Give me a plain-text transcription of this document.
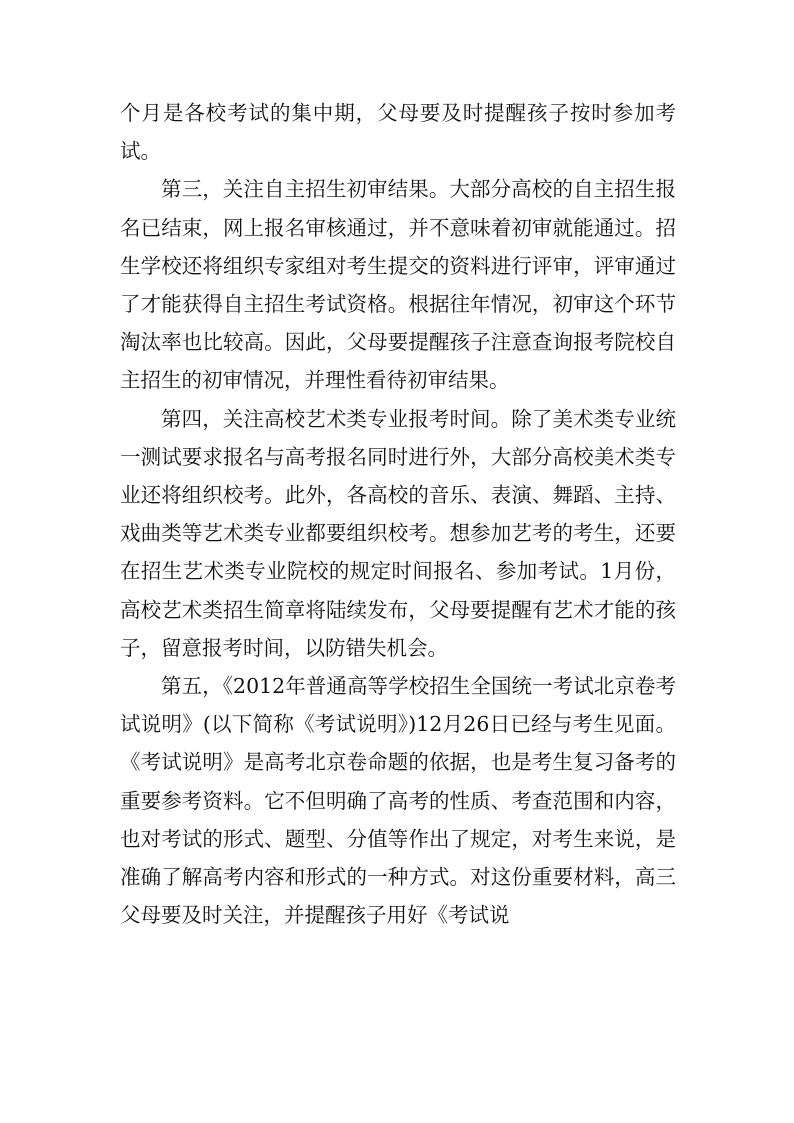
个月是各校考试的集中期，父母要及时提醒孩子按时参加考试。

第三，关注自主招生初审结果。大部分高校的自主招生报名已结束，网上报名审核通过，并不意味着初审就能通过。招生学校还将组织专家组对考生提交的资料进行评审，评审通过了才能获得自主招生考试资格。根据往年情况，初审这个环节淘汰率也比较高。因此，父母要提醒孩子注意查询报考院校自主招生的初审情况，并理性看待初审结果。

第四，关注高校艺术类专业报考时间。除了美术类专业统一测试要求报名与高考报名同时进行外，大部分高校美术类专业还将组织校考。此外，各高校的音乐、表演、舞蹈、主持、戏曲类等艺术类专业都要组织校考。想参加艺考的考生，还要在招生艺术类专业院校的规定时间报名、参加考试。1月份，高校艺术类招生简章将陆续发布，父母要提醒有艺术才能的孩子，留意报考时间，以防错失机会。

第五，《2012年普通高等学校招生全国统一考试北京卷考试说明》(以下简称《考试说明》)12月26日已经与考生见面。《考试说明》是高考北京卷命题的依据，也是考生复习备考的重要参考资料。它不但明确了高考的性质、考查范围和内容，也对考试的形式、题型、分值等作出了规定，对考生来说，是准确了解高考内容和形式的一种方式。对这份重要材料，高三父母要及时关注，并提醒孩子用好《考试说
